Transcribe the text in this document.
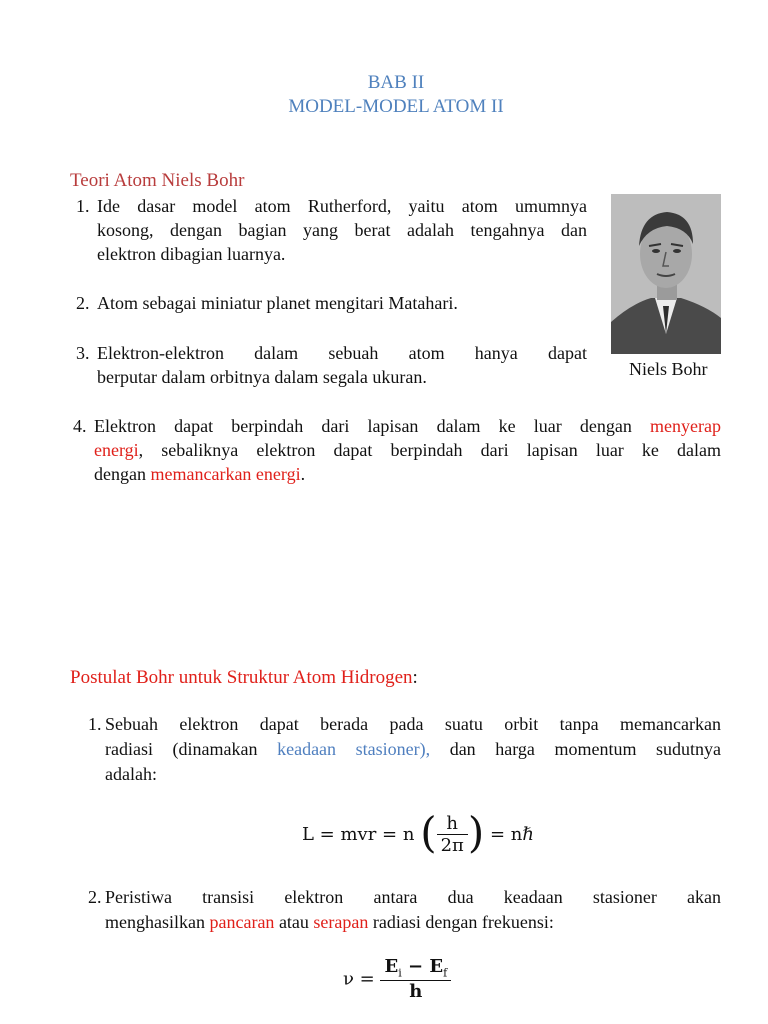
BAB II
MODEL-MODEL ATOM II
Teori Atom Niels Bohr
1. Ide dasar model atom Rutherford, yaitu atom umumnya
kosong, dengan bagian yang berat adalah tengahnya dan
elektron dibagian luarnya.
2. Atom sebagai miniatur planet mengitari Matahari.
3. Elektron-elektron dalam sebuah atom hanya dapat
berputar dalam orbitnya dalam segala ukuran.	Niels Bohr
4. Elektron dapat berpindah dari lapisan dalam ke luar dengan menyerap
energi, sebaliknya elektron dapat berpindah dari lapisan luar ke dalam
dengan memancarkan energi.
Postulat Bohr untuk Struktur Atom Hidrogen:
1. Sebuah elektron dapat berada pada suatu orbit tanpa memancarkan
radiasi (dinamakan keadaan stasioner), dan harga momentum sudutnya
adalah:
L = mvr = n ( $\frac{h}{2\pi}$ ) = nℏ
2. Peristiwa transisi elektron antara dua keadaan stasioner akan
menghasilkan pancaran atau serapan radiasi dengan frekuensi:
$\nu = \frac{E_i - E_f}{h}$
